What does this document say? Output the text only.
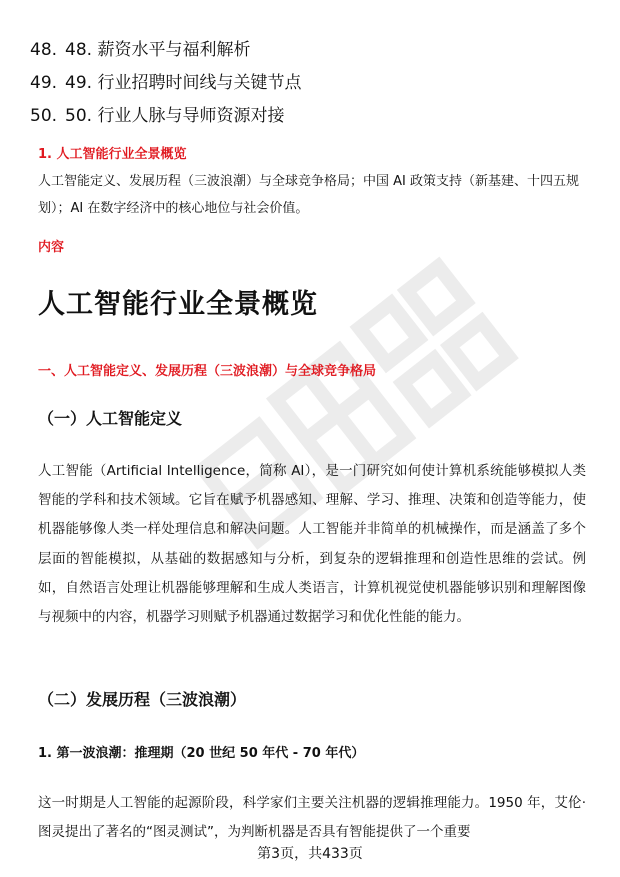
48. 48. 薪资水平与福利解析
49. 49. 行业招聘时间线与关键节点
50. 50. 行业人脉与导师资源对接
1. 人工智能行业全景概览
人工智能定义、发展历程（三波浪潮）与全球竞争格局；中国 AI 政策支持（新基建、十四五规划）；AI 在数字经济中的核心地位与社会价值。
内容
人工智能行业全景概览
一、人工智能定义、发展历程（三波浪潮）与全球竞争格局
（一）人工智能定义
人工智能（Artificial Intelligence，简称 AI），是一门研究如何使计算机系统能够模拟人类智能的学科和技术领域。它旨在赋予机器感知、理解、学习、推理、决策和创造等能力，使机器能够像人类一样处理信息和解决问题。人工智能并非简单的机械操作，而是涵盖了多个层面的智能模拟，从基础的数据感知与分析，到复杂的逻辑推理和创造性思维的尝试。例如，自然语言处理让机器能够理解和生成人类语言，计算机视觉使机器能够识别和理解图像与视频中的内容，机器学习则赋予机器通过数据学习和优化性能的能力。
（二）发展历程（三波浪潮）
1. 第一波浪潮：推理期（20 世纪 50 年代 - 70 年代）
这一时期是人工智能的起源阶段，科学家们主要关注机器的逻辑推理能力。1950 年，艾伦·图灵提出了著名的“图灵测试”，为判断机器是否具有智能提供了一个重要
第3页，共433页
